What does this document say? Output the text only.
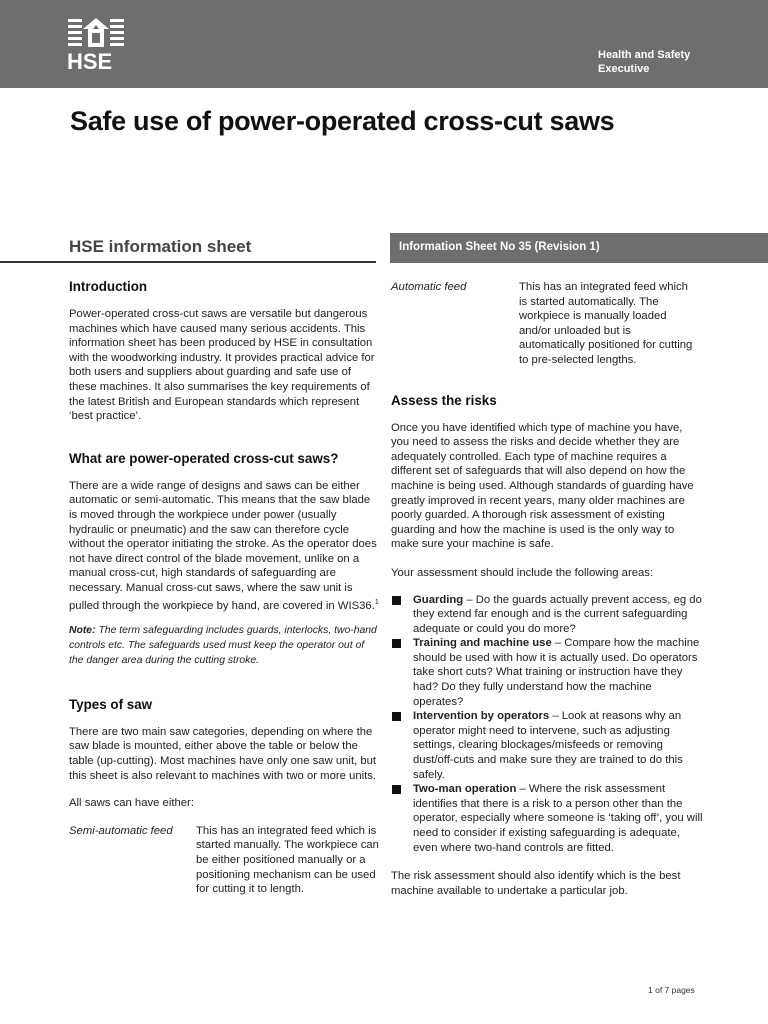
HSE	Health and Safety
Executive
Safe use of power-operated cross-cut saws
HSE information sheet	Information Sheet No 35 (Revision 1)
Introduction

Power-operated cross-cut saws are versatile but dangerous machines which have caused many serious accidents. This information sheet has been produced by HSE in consultation with the woodworking industry. It provides practical advice for both users and suppliers about guarding and safe use of these machines. It also summarises the key requirements of the latest British and European standards which represent ‘best practice’.

What are power-operated cross-cut saws?

There are a wide range of designs and saws can be either automatic or semi-automatic. This means that the saw blade is moved through the workpiece under power (usually hydraulic or pneumatic) and the saw can therefore cycle without the operator initiating the stroke. As the operator does not have direct control of the blade movement, unlike on a manual cross-cut, high standards of safeguarding are necessary. Manual cross-cut saws, where the saw unit is pulled through the workpiece by hand, are covered in WIS36.$^1$

Note: The term safeguarding includes guards, interlocks, two-hand controls etc. The safeguards used must keep the operator out of the danger area during the cutting stroke.

Types of saw

There are two main saw categories, depending on where the saw blade is mounted, either above the table or below the table (up-cutting). Most machines have only one saw unit, but this sheet is also relevant to machines with two or more units.

All saws can have either:

Semi-automatic feed This has an integrated feed which is started manually. The workpiece can be either positioned manually or a positioning mechanism can be used for cutting it to length.

Automatic feed	This has an integrated feed which is started automatically. The workpiece is manually loaded and/or unloaded but is automatically positioned for cutting to pre-selected lengths.

Assess the risks

Once you have identified which type of machine you have, you need to assess the risks and decide whether they are adequately controlled. Each type of machine requires a different set of safeguards that will also depend on how the machine is being used. Although standards of guarding have greatly improved in recent years, many older machines are poorly guarded. A thorough risk assessment of existing guarding and how the machine is used is the only way to make sure your machine is safe.

Your assessment should include the following areas:

Guarding – Do the guards actually prevent access, eg do they extend far enough and is the current safeguarding adequate or could you do more?
Training and machine use – Compare how the machine should be used with how it is actually used. Do operators take short cuts? What training or instruction have they had? Do they fully understand how the machine operates?
Intervention by operators – Look at reasons why an operator might need to intervene, such as adjusting settings, clearing blockages/misfeeds or removing dust/off-cuts and make sure they are trained to do this safely.
Two-man operation – Where the risk assessment identifies that there is a risk to a person other than the operator, especially where someone is ‘taking off’, you will need to consider if existing safeguarding is adequate, even where two-hand controls are fitted.

The risk assessment should also identify which is the best machine available to undertake a particular job.

1 of 7 pages
